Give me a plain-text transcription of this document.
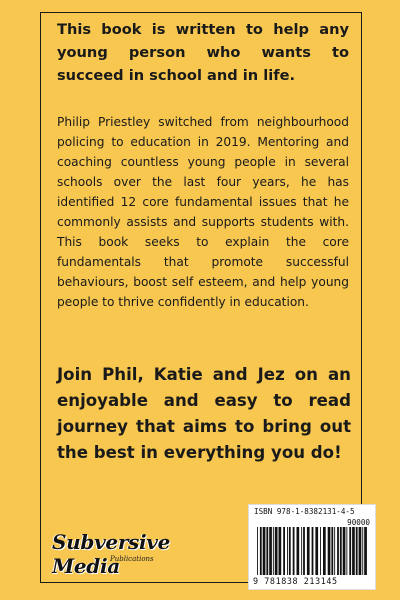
This book is written to help any young person who wants to succeed in school and in life.
Philip Priestley switched from neighbourhood policing to education in 2019. Mentoring and coaching countless young people in several schools over the last four years, he has identified 12 core fundamental issues that he commonly assists and supports students with. This book seeks to explain the core fundamentals that promote successful behaviours, boost self esteem, and help young people to thrive confidently in education.
Join Phil, Katie and Jez on an enjoyable and easy to read journey that aims to bring out the best in everything you do!
Subversive Media
Publications
ISBN 978-1-8382131-4-5
90000
9 781838 213145
